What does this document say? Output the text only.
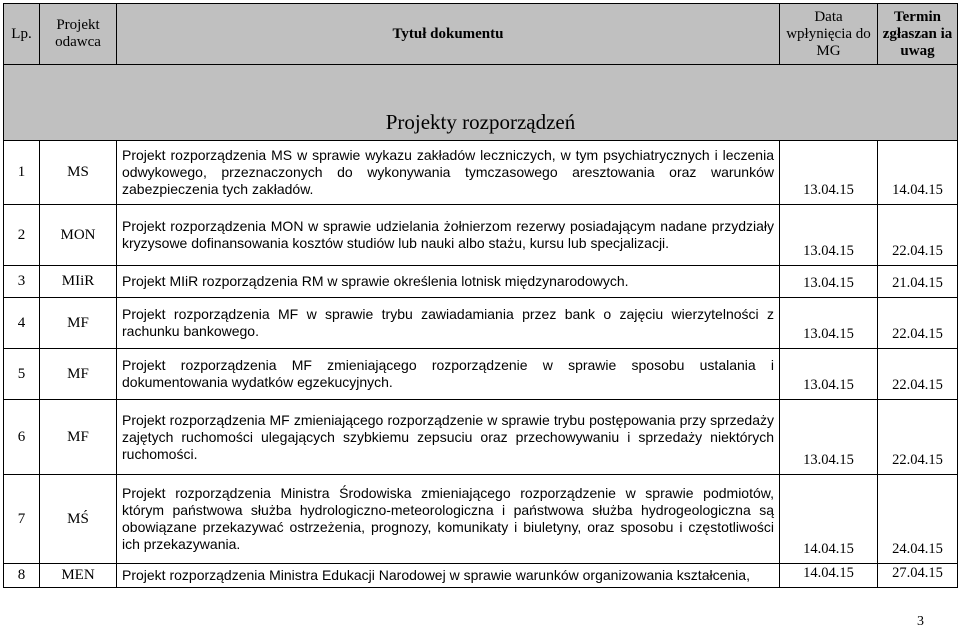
Projekty rozporządzeń				
Lp.	Projekt odawca	Tytuł dokumentu	Data wpłynięcia do MG	Termin zgłaszan ia uwag
1	MS	Projekt rozporządzenia MS w sprawie wykazu zakładów leczniczych, w tym psychiatrycznych i leczenia odwykowego, przeznaczonych do wykonywania tymczasowego aresztowania oraz warunków zabezpieczenia tych zakładów.	13.04.15	14.04.15
2	MON	Projekt rozporządzenia MON w sprawie udzielania żołnierzom rezerwy posiadającym nadane przydziały kryzysowe dofinansowania kosztów studiów lub nauki albo stażu, kursu lub specjalizacji.	13.04.15	22.04.15
3	MIiR	Projekt MIiR rozporządzenia RM w sprawie określenia lotnisk międzynarodowych.	13.04.15	21.04.15
4	MF	Projekt rozporządzenia MF w sprawie trybu zawiadamiania przez bank o zajęciu wierzytelności z rachunku bankowego.	13.04.15	22.04.15
5	MF	Projekt rozporządzenia MF zmieniającego rozporządzenie w sprawie sposobu ustalania i dokumentowania wydatków egzekucyjnych.	13.04.15	22.04.15
6	MF	Projekt rozporządzenia MF zmieniającego rozporządzenie w sprawie trybu postępowania przy sprzedaży zajętych ruchomości ulegających szybkiemu zepsuciu oraz przechowywaniu i sprzedaży niektórych ruchomości.	13.04.15	22.04.15
7	MŚ	Projekt rozporządzenia Ministra Środowiska zmieniającego rozporządzenie w sprawie podmiotów, którym państwowa służba hydrologiczno-meteorologiczna i państwowa służba hydrogeologiczna są obowiązane przekazywać ostrzeżenia, prognozy, komunikaty i biuletyny, oraz sposobu i częstotliwości ich przekazywania.	14.04.15	24.04.15
8	MEN	Projekt rozporządzenia Ministra Edukacji Narodowej w sprawie warunków organizowania kształcenia,	14.04.15	27.04.15
3
